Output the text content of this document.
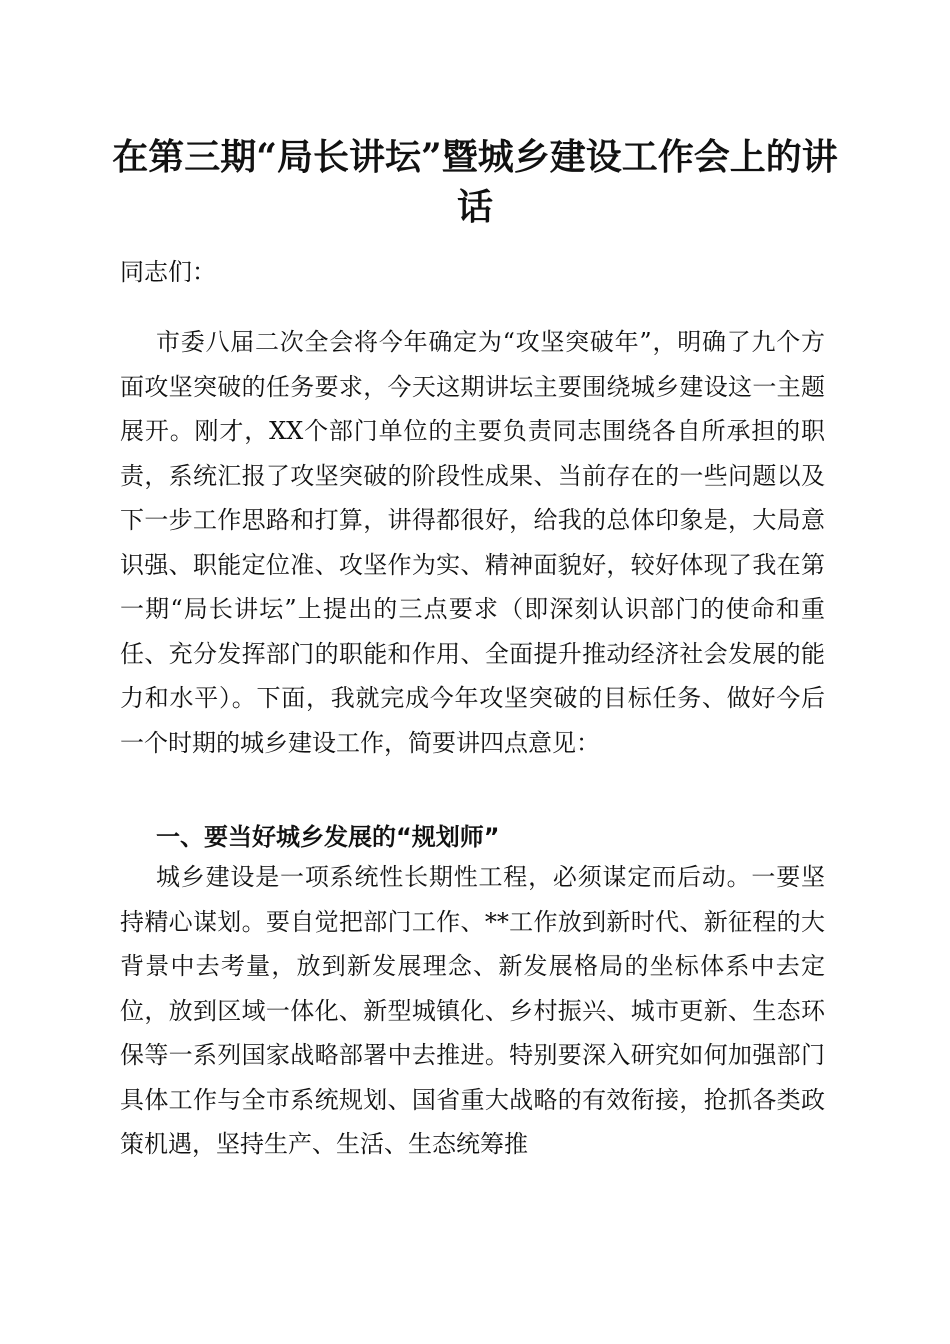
在第三期“局长讲坛”暨城乡建设工作会上的讲话

同志们：

市委八届二次全会将今年确定为“攻坚突破年”，明确了九个方面攻坚突破的任务要求，今天这期讲坛主要围绕城乡建设这一主题展开。刚才，XX个部门单位的主要负责同志围绕各自所承担的职责，系统汇报了攻坚突破的阶段性成果、当前存在的一些问题以及下一步工作思路和打算，讲得都很好，给我的总体印象是，大局意识强、职能定位准、攻坚作为实、精神面貌好，较好体现了我在第一期“局长讲坛”上提出的三点要求（即深刻认识部门的使命和重任、充分发挥部门的职能和作用、全面提升推动经济社会发展的能力和水平）。下面，我就完成今年攻坚突破的目标任务、做好今后一个时期的城乡建设工作，简要讲四点意见：

一、要当好城乡发展的“规划师”

城乡建设是一项系统性长期性工程，必须谋定而后动。一要坚持精心谋划。要自觉把部门工作、**工作放到新时代、新征程的大背景中去考量，放到新发展理念、新发展格局的坐标体系中去定位，放到区域一体化、新型城镇化、乡村振兴、城市更新、生态环保等一系列国家战略部署中去推进。特别要深入研究如何加强部门具体工作与全市系统规划、国省重大战略的有效衔接，抢抓各类政策机遇，坚持生产、生活、生态统筹推
